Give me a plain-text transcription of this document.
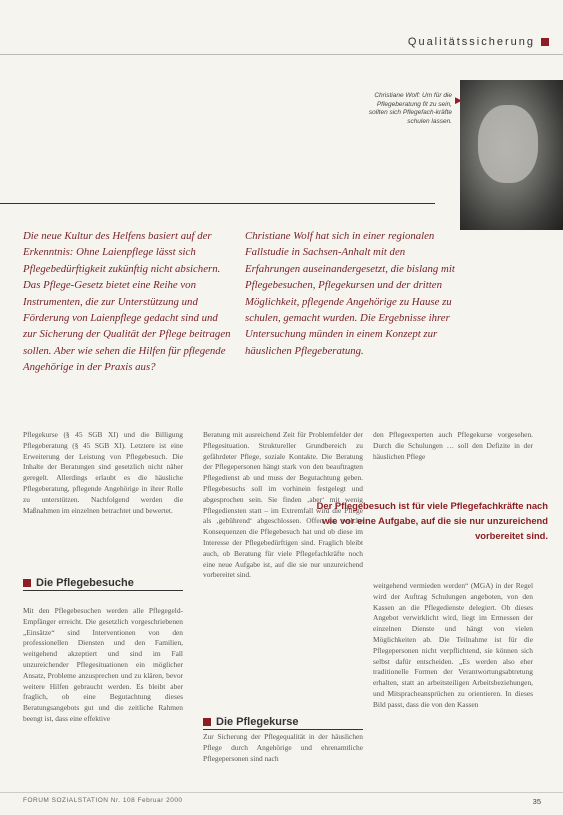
Qualitätssicherung
Christiane Wolf: Um für die Pflegeberatung fit zu sein, sollten sich Pflegefach-kräfte schulen lassen.
▶
Die neue Kultur des Helfens basiert auf der Erkenntnis: Ohne Laienpflege lässt sich Pflegebedürftigkeit zukünftig nicht absichern. Das Pflege-Gesetz bietet eine Reihe von Instrumenten, die zur Unterstützung und Förderung von Laienpflege gedacht sind und zur Sicherung der Qualität der Pflege beitragen sollen. Aber wie sehen die Hilfen für pflegende Angehörige in der Praxis aus?
Christiane Wolf hat sich in einer regionalen Fallstudie in Sachsen-Anhalt mit den Erfahrungen auseinandergesetzt, die bislang mit Pflegebesuchen, Pflegekursen und der dritten Möglichkeit, pflegende Angehörige zu Hause zu schulen, gemacht wurden. Die Ergebnisse ihrer Untersuchung münden in einem Konzept zur häuslichen Pflegeberatung.
Pflegekurse (§ 45 SGB XI) und die Billigung Pflegeberatung (§ 45 SGB XI). Letztere ist eine Erweiterung der Leistung von Pflegebesuch. Die Inhalte der Beratungen sind gesetzlich nicht näher geregelt. Allerdings erlaubt es die häusliche Pflegeberatung, pflegende Angehörige in ihrer Rolle zu unterstützen. Nachfolgend werden die Maßnahmen im einzelnen betrachtet und bewertet.
Beratung mit ausreichend Zeit für Problemfelder der Pflegesituation. Struktureller Grundbereich zu gefährdeter Pflege, soziale Kontakte. Die Beratung der Pflegepersonen hängt stark von den beauftragten Pflegedienst ab und muss der Begutachtung geben. Pflegebesuchs soll im vorhinein festgelegt und abgesprochen sein. Sie finden ‚aber‘ mit wenig Pflegediensten statt – im Extremfall wird die Pflege als ‚gebührend‘ abgeschlossen. Offen ist, welche Konsequenzen die Pflegebesuch hat und ob diese im Interesse der Pflegebedürftigen sind. Fraglich bleibt auch, ob Beratung für viele Pflegefachkräfte noch eine neue Aufgabe ist, auf die sie nur unzureichend vorbereitet sind.
den Pflegeexperten auch Pflegekurse vorgesehen. Durch die Schulungen … soll den Defizite in der häuslichen Pflege
Der Pflegebesuch ist für viele Pflegefachkräfte nach wie vor eine Aufgabe, auf die sie nur unzureichend vorbereitet sind.
Die Pflegebesuche
Mit den Pflegebesuchen werden alle Pflegegeld-Empfänger erreicht. Die gesetzlich vorgeschriebenen „Einsätze“ sind Interventionen von den professionellen Diensten und den Familien, weitgehend akzeptiert und sind im Fall unzureichender Pflegesituationen ein möglicher Ansatz, Probleme anzusprechen und zu klären, bevor weitere Hilfen gebraucht werden. Es bleibt aber fraglich, ob eine Begutachtung dieses Beratungsangebots gut und die zeitliche Rahmen beengt ist, dass eine effektive
weitgehend vermieden werden“ (MGA) in der Regel wird der Auftrag Schulungen angeboten, von den Kassen an die Pflegedienste delegiert. Ob dieses Angebot verwirklicht wird, liegt im Ermessen der einzelnen Dienste und hängt von vielen Möglichkeiten ab. Die Teilnahme ist für die Pflegepersonen nicht verpflichtend, sie können sich selbst dafür entscheiden. „Es werden also eher traditionelle Formen der Verantwortungsabtretung erhalten, statt an arbeitsteiligen Arbeitsbeziehungen, und Mitspracheansprüchen zu orientieren. In dieses Bild passt, dass die von den Kassen
Die Pflegekurse
Zur Sicherung der Pflegequalität in der häuslichen Pflege durch Angehörige und ehrenamtliche Pflegepersonen sind nach
FORUM SOZIALSTATION Nr. 108 Februar 2000	35
